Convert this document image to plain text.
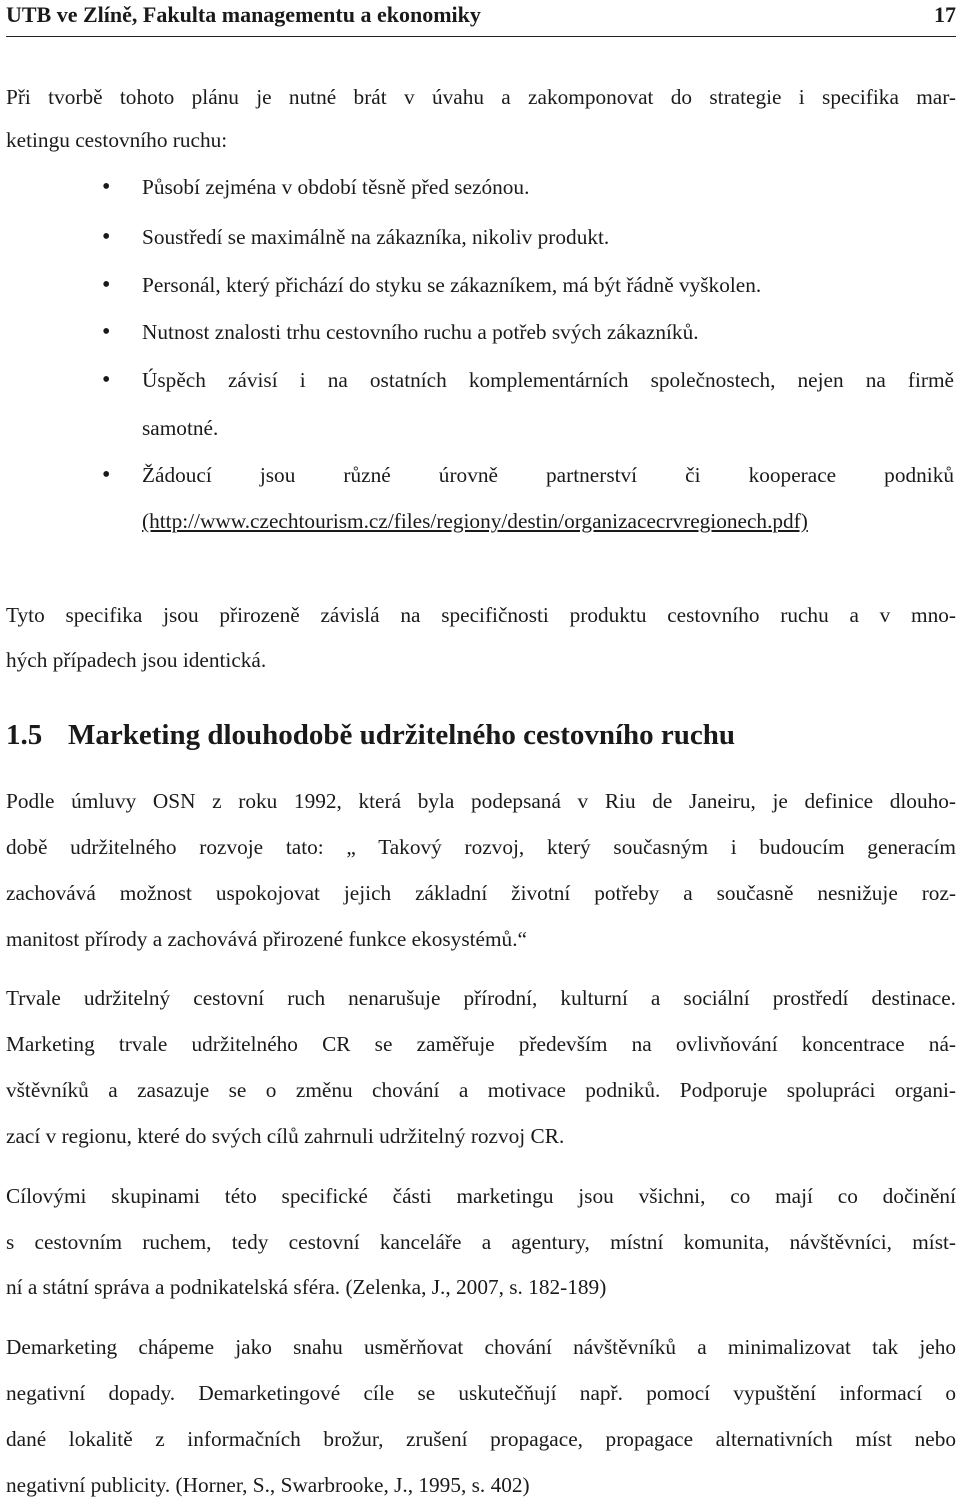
UTB ve Zlíně, Fakulta managementu a ekonomiky	17
Při tvorbě tohoto plánu je nutné brát v úvahu a zakomponovat do strategie i specifika mar-
ketingu cestovního ruchu:
• Působí zejména v období těsně před sezónou.
• Soustředí se maximálně na zákazníka, nikoliv produkt.
• Personál, který přichází do styku se zákazníkem, má být řádně vyškolen.
• Nutnost znalosti trhu cestovního ruchu a potřeb svých zákazníků.
• Úspěch závisí i na ostatních komplementárních společnostech, nejen na firmě
samotné.
• Žádoucí jsou různé úrovně partnerství či kooperace podniků
(http://www.czechtourism.cz/files/regiony/destin/organizacecrvregionech.pdf)
Tyto specifika jsou přirozeně závislá na specifičnosti produktu cestovního ruchu a v mno-
hých případech jsou identická.
1.5 Marketing dlouhodobě udržitelného cestovního ruchu
Podle úmluvy OSN z roku 1992, která byla podepsaná v Riu de Janeiru, je definice dlouho-
době udržitelného rozvoje tato: „ Takový rozvoj, který současným i budoucím generacím
zachovává možnost uspokojovat jejich základní životní potřeby a současně nesnižuje roz-
manitost přírody a zachovává přirozené funkce ekosystémů.“
Trvale udržitelný cestovní ruch nenarušuje přírodní, kulturní a sociální prostředí destinace.
Marketing trvale udržitelného CR se zaměřuje především na ovlivňování koncentrace ná-
vštěvníků a zasazuje se o změnu chování a motivace podniků. Podporuje spolupráci organi-
zací v regionu, které do svých cílů zahrnuli udržitelný rozvoj CR.
Cílovými skupinami této specifické části marketingu jsou všichni, co mají co dočinění
s cestovním ruchem, tedy cestovní kanceláře a agentury, místní komunita, návštěvníci, míst-
ní a státní správa a podnikatelská sféra. (Zelenka, J., 2007, s. 182-189)
Demarketing chápeme jako snahu usměrňovat chování návštěvníků a minimalizovat tak jeho
negativní dopady. Demarketingové cíle se uskutečňují např. pomocí vypuštění informací o
dané lokalitě z informačních brožur, zrušení propagace, propagace alternativních míst nebo
negativní publicity. (Horner, S., Swarbrooke, J., 1995, s. 402)
